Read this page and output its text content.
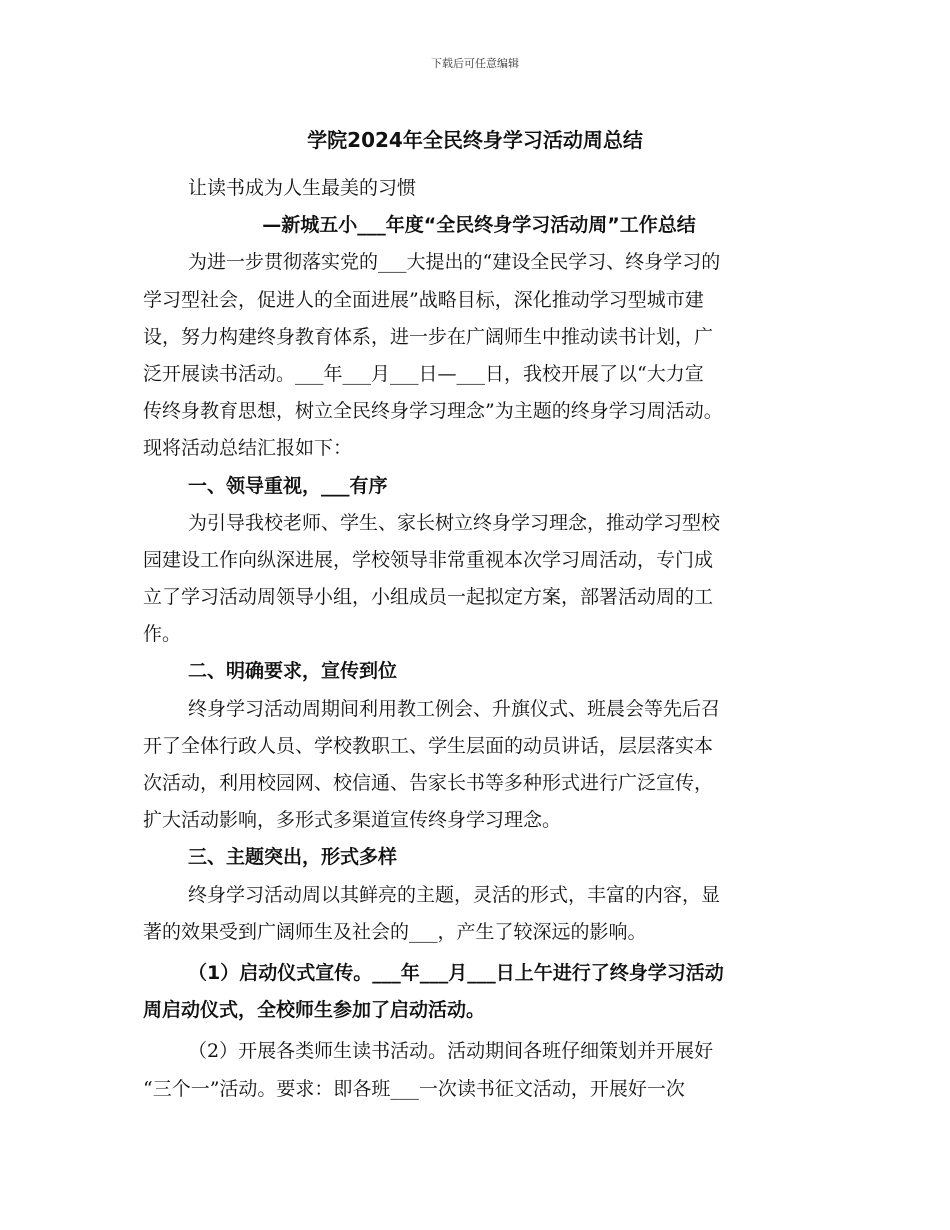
下载后可任意编辑
学院2024年全民终身学习活动周总结
让读书成为人生最美的习惯
—新城五小___年度“全民终身学习活动周”工作总结
为进一步贯彻落实党的___大提出的“建设全民学习、终身学习的
学习型社会，促进人的全面进展”战略目标，深化推动学习型城市建
设，努力构建终身教育体系，进一步在广阔师生中推动读书计划，广
泛开展读书活动。___年___月___日—___日，我校开展了以“大力宣
传终身教育思想，树立全民终身学习理念”为主题的终身学习周活动。
现将活动总结汇报如下：
一、领导重视，___有序
为引导我校老师、学生、家长树立终身学习理念，推动学习型校
园建设工作向纵深进展，学校领导非常重视本次学习周活动，专门成
立了学习活动周领导小组，小组成员一起拟定方案，部署活动周的工
作。
二、明确要求，宣传到位
终身学习活动周期间利用教工例会、升旗仪式、班晨会等先后召
开了全体行政人员、学校教职工、学生层面的动员讲话，层层落实本
次活动，利用校园网、校信通、告家长书等多种形式进行广泛宣传，
扩大活动影响，多形式多渠道宣传终身学习理念。
三、主题突出，形式多样
终身学习活动周以其鲜亮的主题，灵活的形式，丰富的内容，显
著的效果受到广阔师生及社会的___，产生了较深远的影响。
（1）启动仪式宣传。___年___月___日上午进行了终身学习活动
周启动仪式，全校师生参加了启动活动。
（2）开展各类师生读书活动。活动期间各班仔细策划并开展好
“三个一”活动。要求：即各班___一次读书征文活动，开展好一次
